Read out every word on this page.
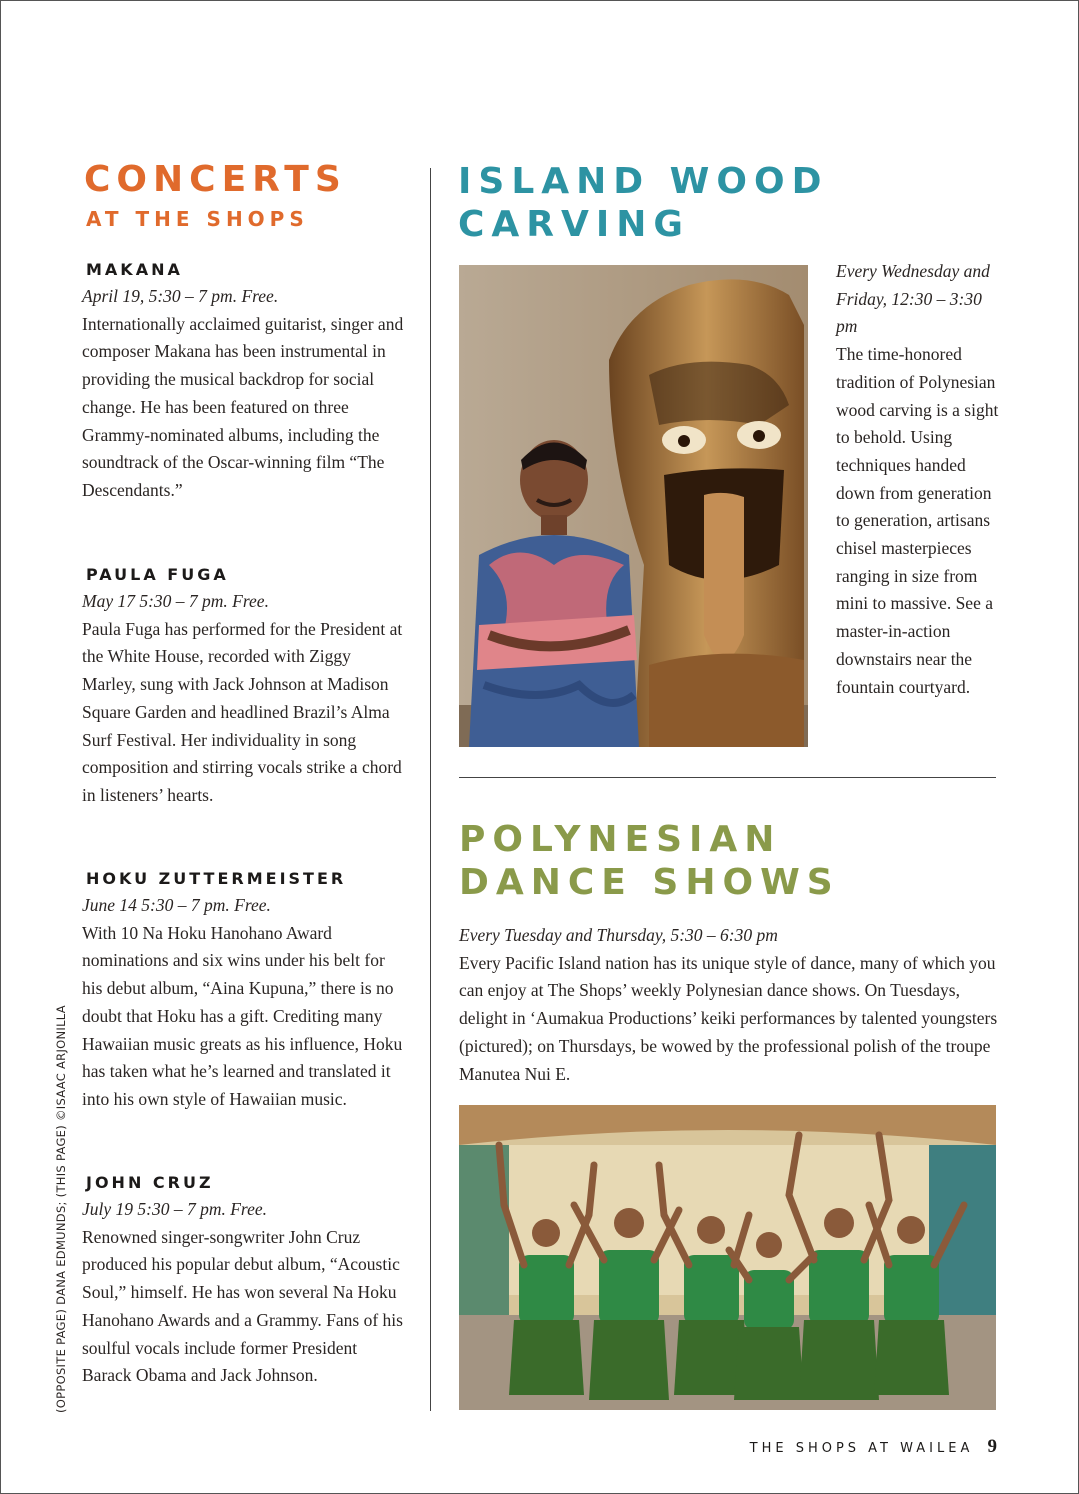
CONCERTS
AT THE SHOPS
MAKANA

April 19, 5:30 – 7 pm. Free.

Internationally acclaimed guitarist, singer and composer Makana has been instrumental in providing the musical backdrop for social change. He has been featured on three Grammy-nominated albums, including the soundtrack of the Oscar-winning film “The Descendants.”

PAULA FUGA

May 17 5:30 – 7 pm. Free.

Paula Fuga has performed for the President at the White House, recorded with Ziggy Marley, sung with Jack Johnson at Madison Square Garden and headlined Brazil’s Alma Surf Festival. Her individuality in song composition and stirring vocals strike a chord in listeners’ hearts.

HOKU ZUTTERMEISTER

June 14 5:30 – 7 pm. Free.

With 10 Na Hoku Hanohano Award nominations and six wins under his belt for his debut album, “Aina Kupuna,” there is no doubt that Hoku has a gift. Crediting many Hawaiian music greats as his influence, Hoku has taken what he’s learned and translated it into his own style of Hawaiian music.

JOHN CRUZ

July 19 5:30 – 7 pm. Free.

Renowned singer-songwriter John Cruz produced his popular debut album, “Acoustic Soul,” himself. He has won several Na Hoku Hanohano Awards and a Grammy. Fans of his soulful vocals include former President Barack Obama and Jack Johnson.

(OPPOSITE PAGE) DANA EDMUNDS; (THIS PAGE) ©ISAAC ARJONILLA
ISLAND WOOD
CARVING

Every Wednesday and Friday, 12:30 – 3:30 pm

The time-honored tradition of Polynesian wood carving is a sight to behold. Using techniques handed down from generation to generation, artisans chisel masterpieces ranging in size from mini to massive. See a master-in-action downstairs near the fountain courtyard.

POLYNESIAN
DANCE SHOWS

Every Tuesday and Thursday, 5:30 – 6:30 pm

Every Pacific Island nation has its unique style of dance, many of which you can enjoy at The Shops’ weekly Polynesian dance shows. On Tuesdays, delight in ‘Aumakua Productions’ keiki performances by talented youngsters (pictured); on Thursdays, be wowed by the professional polish of the troupe Manutea Nui E.

THE SHOPS AT WAILEA 9
